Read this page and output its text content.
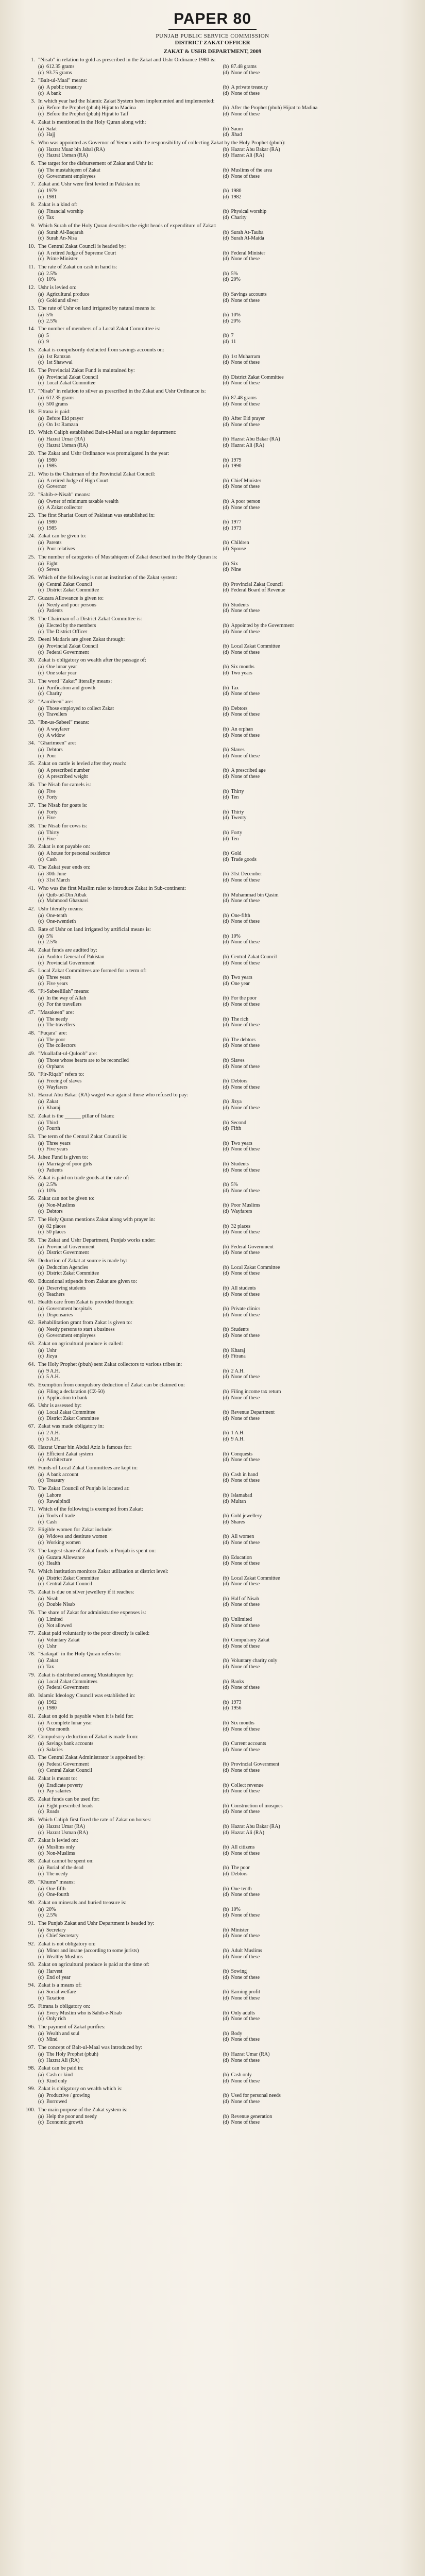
PAPER 80
PUNJAB PUBLIC SERVICE COMMISSION
DISTRICT ZAKAT OFFICER
ZAKAT & USHR DEPARTMENT, 2009
1. "Nisab" in relation to gold as prescribed in the Zakat and Ushr Ordinance 1980 is:
(a) 612.35 grams	(b) 87.48 grams
(c) 93.75 grams	(d) None of these
2. "Bait-ul-Maal" means:
(a) A public treasury	(b) A private treasury
(c) A bank	(d) None of these
3. In which year had the Islamic Zakat System been implemented and implemented:
(a) Before the Prophet (pbuh) Hijrat to Madina	(b) After the Prophet (pbuh) Hijrat to Madina
(c) Before the Prophet (pbuh) Hijrat to Taif	(d) None of these
4. Zakat is mentioned in the Holy Quran along with:
(a) Salat	(b) Saum
(c) Hajj	(d) Jihad
5. Who was appointed as Governor of Yemen with the responsibility of collecting Zakat by the Holy Prophet (pbuh):
(a) Hazrat Muaz bin Jabal (RA)	(b) Hazrat Abu Bakar (RA)
(c) Hazrat Usman (RA)	(d) Hazrat Ali (RA)
6. The target for the disbursement of Zakat and Ushr is:
(a) The mustahiqeen of Zakat	(b) Muslims of the area
(c) Government employees	(d) None of these
7. Zakat and Ushr were first levied in Pakistan in:
(a) 1979	(b) 1980
(c) 1981	(d) 1982
8. Zakat is a kind of:
(a) Financial worship	(b) Physical worship
(c) Tax	(d) Charity
9. Which Surah of the Holy Quran describes the eight heads of expenditure of Zakat:
(a) Surah Al-Baqarah	(b) Surah At-Tauba
(c) Surah An-Nisa	(d) Surah Al-Maida
10. The Central Zakat Council is headed by:
(a) A retired Judge of Supreme Court	(b) Federal Minister
(c) Prime Minister	(d) None of these
11. The rate of Zakat on cash in hand is:
(a) 2.5%	(b) 5%
(c) 10%	(d) 20%
12. Ushr is levied on:
(a) Agricultural produce	(b) Savings accounts
(c) Gold and silver	(d) None of these
13. The rate of Ushr on land irrigated by natural means is:
(a) 5%	(b) 10%
(c) 2.5%	(d) 20%
14. The number of members of a Local Zakat Committee is:
(a) 5	(b) 7
(c) 9	(d) 11
15. Zakat is compulsorily deducted from savings accounts on:
(a) 1st Ramzan	(b) 1st Muharram
(c) 1st Shawwal	(d) None of these
16. The Provincial Zakat Fund is maintained by:
(a) Provincial Zakat Council	(b) District Zakat Committee
(c) Local Zakat Committee	(d) None of these
17. "Nisab" in relation to silver as prescribed in the Zakat and Ushr Ordinance is:
(a) 612.35 grams	(b) 87.48 grams
(c) 500 grams	(d) None of these
18. Fitrana is paid:
(a) Before Eid prayer	(b) After Eid prayer
(c) On 1st Ramzan	(d) None of these
19. Which Caliph established Bait-ul-Maal as a regular department:
(a) Hazrat Umar (RA)	(b) Hazrat Abu Bakar (RA)
(c) Hazrat Usman (RA)	(d) Hazrat Ali (RA)
20. The Zakat and Ushr Ordinance was promulgated in the year:
(a) 1980	(b) 1979
(c) 1985	(d) 1990
21. Who is the Chairman of the Provincial Zakat Council:
(a) A retired Judge of High Court	(b) Chief Minister
(c) Governor	(d) None of these
22. "Sahib-e-Nisab" means:
(a) Owner of minimum taxable wealth	(b) A poor person
(c) A Zakat collector	(d) None of these
23. The first Shariat Court of Pakistan was established in:
(a) 1980	(b) 1977
(c) 1985	(d) 1973
24. Zakat can be given to:
(a) Parents	(b) Children
(c) Poor relatives	(d) Spouse
25. The number of categories of Mustahiqeen of Zakat described in the Holy Quran is:
(a) Eight	(b) Six
(c) Seven	(d) Nine
26. Which of the following is not an institution of the Zakat system:
(a) Central Zakat Council	(b) Provincial Zakat Council
(c) District Zakat Committee	(d) Federal Board of Revenue
27. Guzara Allowance is given to:
(a) Needy and poor persons	(b) Students
(c) Patients	(d) None of these
28. The Chairman of a District Zakat Committee is:
(a) Elected by the members	(b) Appointed by the Government
(c) The District Officer	(d) None of these
29. Deeni Madaris are given Zakat through:
(a) Provincial Zakat Council	(b) Local Zakat Committee
(c) Federal Government	(d) None of these
30. Zakat is obligatory on wealth after the passage of:
(a) One lunar year	(b) Six months
(c) One solar year	(d) Two years
31. The word "Zakat" literally means:
(a) Purification and growth	(b) Tax
(c) Charity	(d) None of these
32. "Aamileen" are:
(a) Those employed to collect Zakat	(b) Debtors
(c) Travellers	(d) None of these
33. "Ibn-us-Sabeel" means:
(a) A wayfarer	(b) An orphan
(c) A widow	(d) None of these
34. "Gharimeen" are:
(a) Debtors	(b) Slaves
(c) Poor	(d) None of these
35. Zakat on cattle is levied after they reach:
(a) A prescribed number	(b) A prescribed age
(c) A prescribed weight	(d) None of these
36. The Nisab for camels is:
(a) Five	(b) Thirty
(c) Forty	(d) Ten
37. The Nisab for goats is:
(a) Forty	(b) Thirty
(c) Five	(d) Twenty
38. The Nisab for cows is:
(a) Thirty	(b) Forty
(c) Five	(d) Ten
39. Zakat is not payable on:
(a) A house for personal residence	(b) Gold
(c) Cash	(d) Trade goods
40. The Zakat year ends on:
(a) 30th June	(b) 31st December
(c) 31st March	(d) None of these
41. Who was the first Muslim ruler to introduce Zakat in Sub-continent:
(a) Qutb-ud-Din Aibak	(b) Muhammad bin Qasim
(c) Mahmood Ghaznavi	(d) None of these
42. Ushr literally means:
(a) One-tenth	(b) One-fifth
(c) One-twentieth	(d) None of these
43. Rate of Ushr on land irrigated by artificial means is:
(a) 5%	(b) 10%
(c) 2.5%	(d) None of these
44. Zakat funds are audited by:
(a) Auditor General of Pakistan	(b) Central Zakat Council
(c) Provincial Government	(d) None of these
45. Local Zakat Committees are formed for a term of:
(a) Three years	(b) Two years
(c) Five years	(d) One year
46. "Fi-Sabeelillah" means:
(a) In the way of Allah	(b) For the poor
(c) For the travellers	(d) None of these
47. "Masakeen" are:
(a) The needy	(b) The rich
(c) The travellers	(d) None of these
48. "Fuqara" are:
(a) The poor	(b) The debtors
(c) The collectors	(d) None of these
49. "Muallafat-ul-Quloob" are:
(a) Those whose hearts are to be reconciled	(b) Slaves
(c) Orphans	(d) None of these
50. "Fir-Riqab" refers to:
(a) Freeing of slaves	(b) Debtors
(c) Wayfarers	(d) None of these
51. Hazrat Abu Bakar (RA) waged war against those who refused to pay:
(a) Zakat	(b) Jizya
(c) Kharaj	(d) None of these
52. Zakat is the ______ pillar of Islam:
(a) Third	(b) Second
(c) Fourth	(d) Fifth
53. The term of the Central Zakat Council is:
(a) Three years	(b) Two years
(c) Five years	(d) None of these
54. Jahez Fund is given to:
(a) Marriage of poor girls	(b) Students
(c) Patients	(d) None of these
55. Zakat is paid on trade goods at the rate of:
(a) 2.5%	(b) 5%
(c) 10%	(d) None of these
56. Zakat can not be given to:
(a) Non-Muslims	(b) Poor Muslims
(c) Debtors	(d) Wayfarers
57. The Holy Quran mentions Zakat along with prayer in:
(a) 82 places	(b) 32 places
(c) 50 places	(d) None of these
58. The Zakat and Ushr Department, Punjab works under:
(a) Provincial Government	(b) Federal Government
(c) District Government	(d) None of these
59. Deduction of Zakat at source is made by:
(a) Deduction Agencies	(b) Local Zakat Committee
(c) District Zakat Committee	(d) None of these
60. Educational stipends from Zakat are given to:
(a) Deserving students	(b) All students
(c) Teachers	(d) None of these
61. Health care from Zakat is provided through:
(a) Government hospitals	(b) Private clinics
(c) Dispensaries	(d) None of these
62. Rehabilitation grant from Zakat is given to:
(a) Needy persons to start a business	(b) Students
(c) Government employees	(d) None of these
63. Zakat on agricultural produce is called:
(a) Ushr	(b) Kharaj
(c) Jizya	(d) Fitrana
64. The Holy Prophet (pbuh) sent Zakat collectors to various tribes in:
(a) 9 A.H.	(b) 2 A.H.
(c) 5 A.H.	(d) None of these
65. Exemption from compulsory deduction of Zakat can be claimed on:
(a) Filing a declaration (CZ-50)	(b) Filing income tax return
(c) Application to bank	(d) None of these
66. Ushr is assessed by:
(a) Local Zakat Committee	(b) Revenue Department
(c) District Zakat Committee	(d) None of these
67. Zakat was made obligatory in:
(a) 2 A.H.	(b) 1 A.H.
(c) 5 A.H.	(d) 9 A.H.
68. Hazrat Umar bin Abdul Aziz is famous for:
(a) Efficient Zakat system	(b) Conquests
(c) Architecture	(d) None of these
69. Funds of Local Zakat Committees are kept in:
(a) A bank account	(b) Cash in hand
(c) Treasury	(d) None of these
70. The Zakat Council of Punjab is located at:
(a) Lahore	(b) Islamabad
(c) Rawalpindi	(d) Multan
71. Which of the following is exempted from Zakat:
(a) Tools of trade	(b) Gold jewellery
(c) Cash	(d) Shares
72. Eligible women for Zakat include:
(a) Widows and destitute women	(b) All women
(c) Working women	(d) None of these
73. The largest share of Zakat funds in Punjab is spent on:
(a) Guzara Allowance	(b) Education
(c) Health	(d) None of these
74. Which institution monitors Zakat utilization at district level:
(a) District Zakat Committee	(b) Local Zakat Committee
(c) Central Zakat Council	(d) None of these
75. Zakat is due on silver jewellery if it reaches:
(a) Nisab	(b) Half of Nisab
(c) Double Nisab	(d) None of these
76. The share of Zakat for administrative expenses is:
(a) Limited	(b) Unlimited
(c) Not allowed	(d) None of these
77. Zakat paid voluntarily to the poor directly is called:
(a) Voluntary Zakat	(b) Compulsory Zakat
(c) Ushr	(d) None of these
78. "Sadaqat" in the Holy Quran refers to:
(a) Zakat	(b) Voluntary charity only
(c) Tax	(d) None of these
79. Zakat is distributed among Mustahiqeen by:
(a) Local Zakat Committees	(b) Banks
(c) Federal Government	(d) None of these
80. Islamic Ideology Council was established in:
(a) 1962	(b) 1973
(c) 1980	(d) 1956
81. Zakat on gold is payable when it is held for:
(a) A complete lunar year	(b) Six months
(c) One month	(d) None of these
82. Compulsory deduction of Zakat is made from:
(a) Savings bank accounts	(b) Current accounts
(c) Salaries	(d) None of these
83. The Central Zakat Administrator is appointed by:
(a) Federal Government	(b) Provincial Government
(c) Central Zakat Council	(d) None of these
84. Zakat is meant to:
(a) Eradicate poverty	(b) Collect revenue
(c) Pay salaries	(d) None of these
85. Zakat funds can be used for:
(a) Eight prescribed heads	(b) Construction of mosques
(c) Roads	(d) None of these
86. Which Caliph first fixed the rate of Zakat on horses:
(a) Hazrat Umar (RA)	(b) Hazrat Abu Bakar (RA)
(c) Hazrat Usman (RA)	(d) Hazrat Ali (RA)
87. Zakat is levied on:
(a) Muslims only	(b) All citizens
(c) Non-Muslims	(d) None of these
88. Zakat cannot be spent on:
(a) Burial of the dead	(b) The poor
(c) The needy	(d) Debtors
89. "Khums" means:
(a) One-fifth	(b) One-tenth
(c) One-fourth	(d) None of these
90. Zakat on minerals and buried treasure is:
(a) 20%	(b) 10%
(c) 2.5%	(d) None of these
91. The Punjab Zakat and Ushr Department is headed by:
(a) Secretary	(b) Minister
(c) Chief Secretary	(d) None of these
92. Zakat is not obligatory on:
(a) Minor and insane (according to some jurists)	(b) Adult Muslims
(c) Wealthy Muslims	(d) None of these
93. Zakat on agricultural produce is paid at the time of:
(a) Harvest	(b) Sowing
(c) End of year	(d) None of these
94. Zakat is a means of:
(a) Social welfare	(b) Earning profit
(c) Taxation	(d) None of these
95. Fitrana is obligatory on:
(a) Every Muslim who is Sahib-e-Nisab	(b) Only adults
(c) Only rich	(d) None of these
96. The payment of Zakat purifies:
(a) Wealth and soul	(b) Body
(c) Mind	(d) None of these
97. The concept of Bait-ul-Maal was introduced by:
(a) The Holy Prophet (pbuh)	(b) Hazrat Umar (RA)
(c) Hazrat Ali (RA)	(d) None of these
98. Zakat can be paid in:
(a) Cash or kind	(b) Cash only
(c) Kind only	(d) None of these
99. Zakat is obligatory on wealth which is:
(a) Productive / growing	(b) Used for personal needs
(c) Borrowed	(d) None of these
100. The main purpose of the Zakat system is:
(a) Help the poor and needy	(b) Revenue generation
(c) Economic growth	(d) None of these
